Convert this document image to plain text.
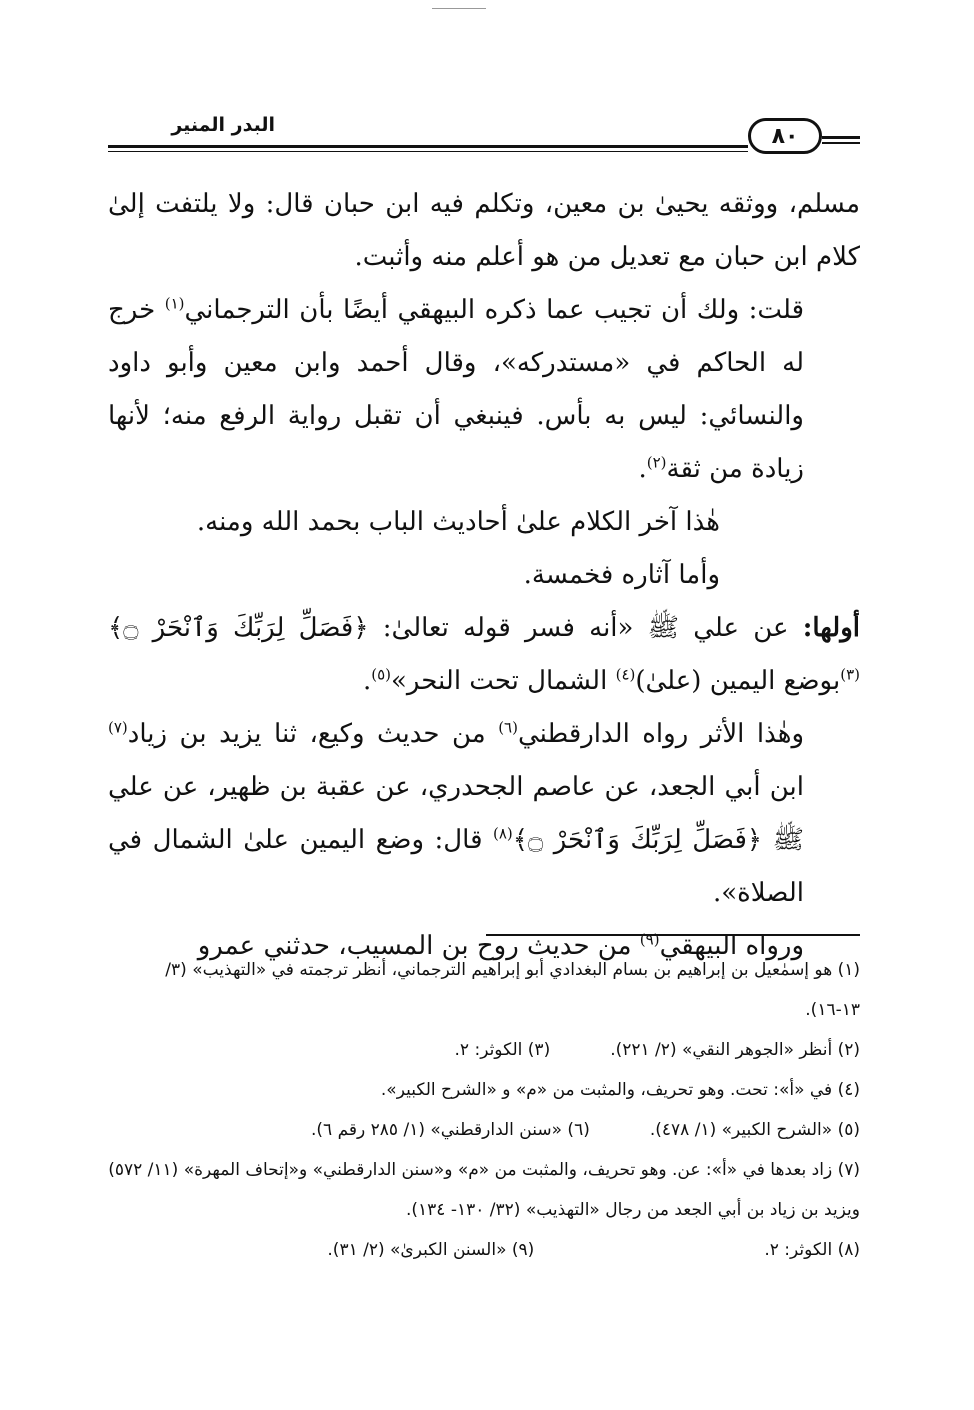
البدر المنير	٨٠

مسلم، ووثقه يحيىٰ بن معين، وتكلم فيه ابن حبان قال: ولا يلتفت إلىٰ كلام ابن حبان مع تعديل من هو أعلم منه وأثبت.

قلت: ولك أن تجيب عما ذكره البيهقي أيضًا بأن الترجماني$^{(١)}$ خرج له الحاكم في «مستدركه»، وقال أحمد وابن معين وأبو داود والنسائي: ليس به بأس. فينبغي أن تقبل رواية الرفع منه؛ لأنها زيادة من ثقة$^{(٢)}$.

هٰذا آخر الكلام علىٰ أحاديث الباب بحمد الله ومنه.

وأما آثاره فخمسة.

أولها: عن علي ﷺ «أنه فسر قوله تعالىٰ: ﴿فَصَلِّ لِرَبِّكَ وَٱنْحَرْ ۝﴾$^{(٣)}$بوضع اليمين (علىٰ)$^{(٤)}$ الشمال تحت النحر»$^{(٥)}$.

وهٰذا الأثر رواه الدارقطني$^{(٦)}$ من حديث وكيع، ثنا يزيد بن زياد$^{(٧)}$ ابن أبي الجعد، عن عاصم الجحدري، عن عقبة بن ظهير، عن علي ﷺ ﴿فَصَلِّ لِرَبِّكَ وَٱنْحَرْ ۝﴾$^{(٨)}$ قال: وضع اليمين علىٰ الشمال في الصلاة».

ورواه البيهقي$^{(٩)}$ من حديث روح بن المسيب، حدثني عمرو

(١) هو إسمٰعيل بن إبراهيم بن بسام البغدادي أبو إبراهيم الترجماني، أنظر ترجمته في «التهذيب» (٣/ ١٣-١٦).

(٢) أنظر «الجوهر النقي» (٢/ ٢٢١).
(٣) الكوثر: ٢.

(٤) في «أ»: تحت. وهو تحريف، والمثبت من «م» و «الشرح الكبير».

(٥) «الشرح الكبير» (١/ ٤٧٨).
(٦) «سنن الدارقطني» (١/ ٢٨٥ رقم ٦).

(٧) زاد بعدها في «أ»: عن. وهو تحريف، والمثبت من «م» و«سنن الدارقطني» و«إتحاف المهرة» (١١/ ٥٧٢) ويزيد بن زياد بن أبي الجعد من رجال «التهذيب» (٣٢/ ١٣٠- ١٣٤).

(٨) الكوثر: ٢.
(٩) «السنن الكبرىٰ» (٢/ ٣١).
